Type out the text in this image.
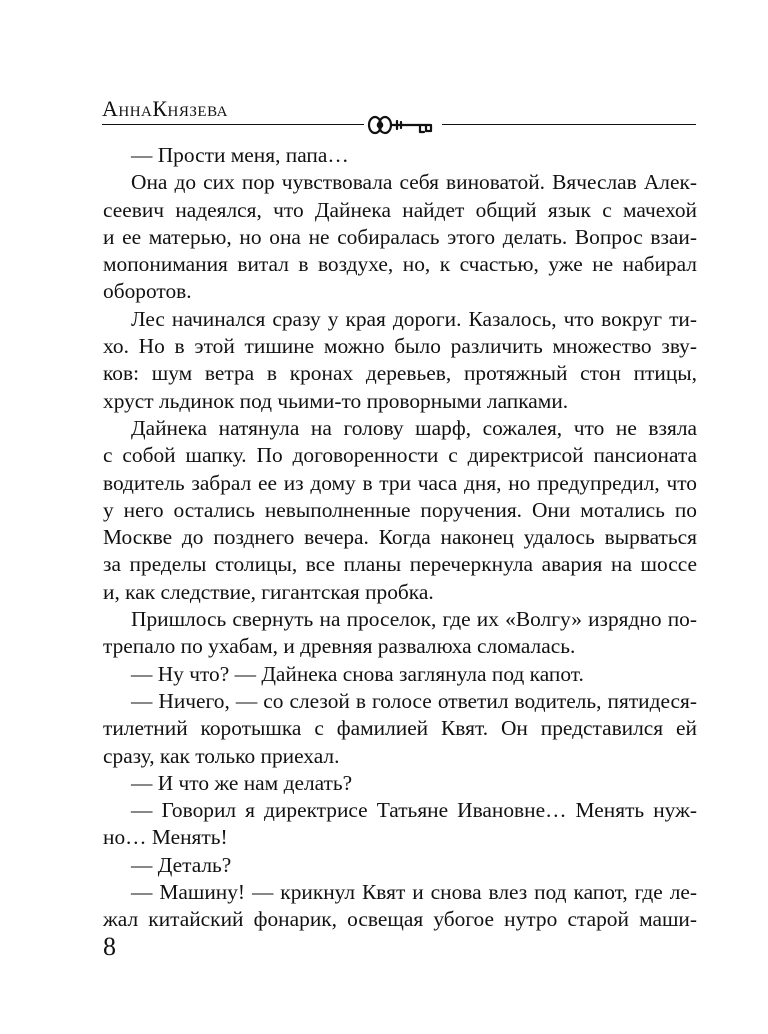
АннаКнязева
— Прости меня, папа…
Она до сих пор чувствовала себя виноватой. Вячеслав Алек-
сеевич надеялся, что Дайнека найдет общий язык с мачехой
и ее матерью, но она не собиралась этого делать. Вопрос взаи-
мопонимания витал в воздухе, но, к счастью, уже не набирал
оборотов.
Лес начинался сразу у края дороги. Казалось, что вокруг ти-
хо. Но в этой тишине можно было различить множество зву-
ков: шум ветра в кронах деревьев, протяжный стон птицы,
хруст льдинок под чьими-то проворными лапками.
Дайнека натянула на голову шарф, сожалея, что не взяла
с собой шапку. По договоренности с директрисой пансионата
водитель забрал ее из дому в три часа дня, но предупредил, что
у него остались невыполненные поручения. Они мотались по
Москве до позднего вечера. Когда наконец удалось вырваться
за пределы столицы, все планы перечеркнула авария на шоссе
и, как следствие, гигантская пробка.
Пришлось свернуть на проселок, где их «Волгу» изрядно по-
трепало по ухабам, и древняя развалюха сломалась.
— Ну что? — Дайнека снова заглянула под капот.
— Ничего, — со слезой в голосе ответил водитель, пятидеся-
тилетний коротышка с фамилией Квят. Он представился ей
сразу, как только приехал.
— И что же нам делать?
— Говорил я директрисе Татьяне Ивановне… Менять нуж-
но… Менять!
— Деталь?
— Машину! — крикнул Квят и снова влез под капот, где ле-
жал китайский фонарик, освещая убогое нутро старой маши-
8
